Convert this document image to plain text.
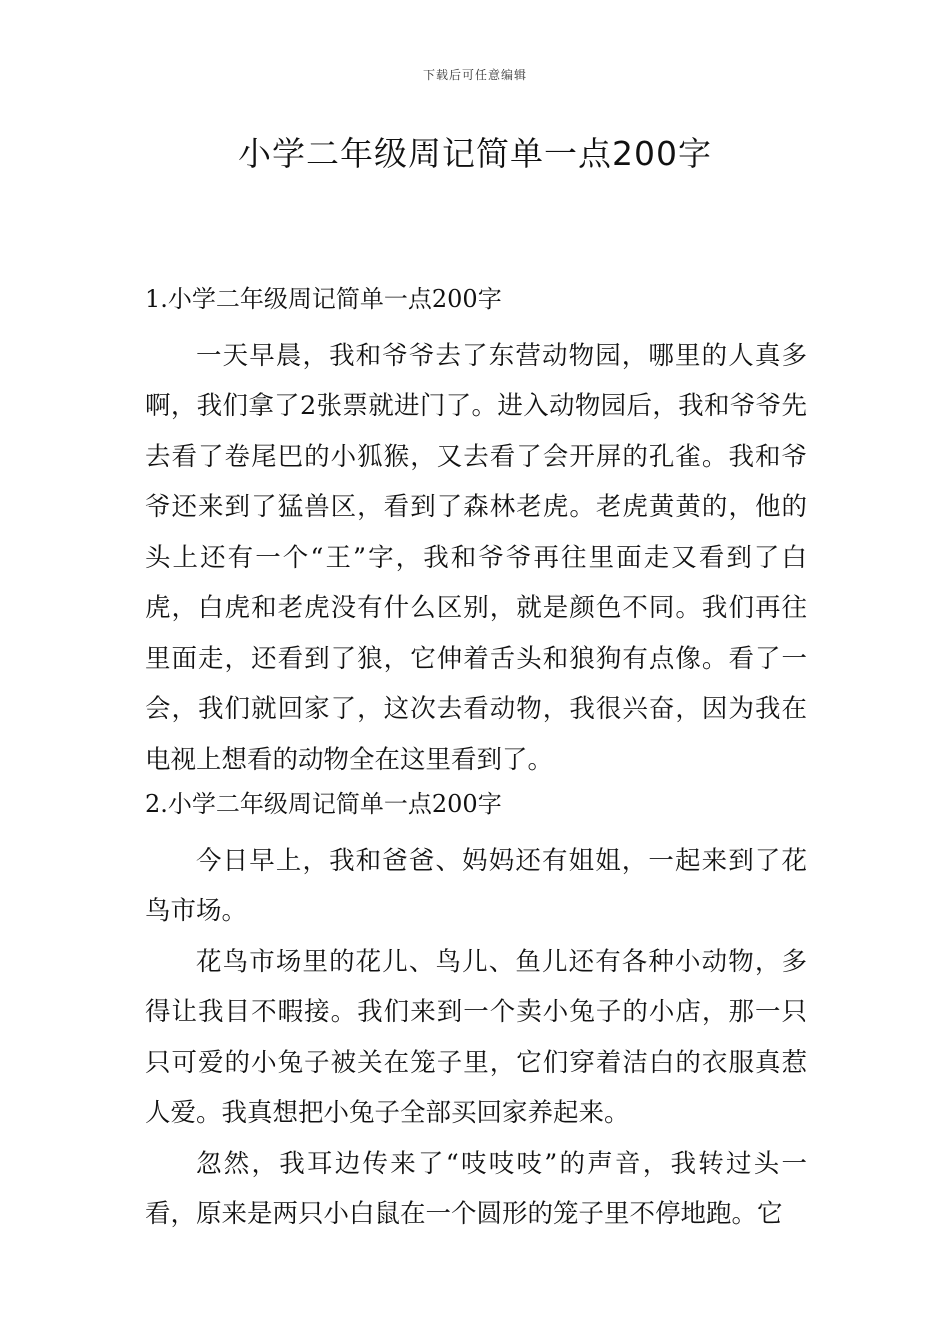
下载后可任意编辑
小学二年级周记简单一点200字
1.小学二年级周记简单一点200字

一天早晨，我和爷爷去了东营动物园，哪里的人真多啊，我们拿了2张票就进门了。进入动物园后，我和爷爷先去看了卷尾巴的小狐猴，又去看了会开屏的孔雀。我和爷爷还来到了猛兽区，看到了森林老虎。老虎黄黄的，他的头上还有一个“王”字，我和爷爷再往里面走又看到了白虎，白虎和老虎没有什么区别，就是颜色不同。我们再往里面走，还看到了狼，它伸着舌头和狼狗有点像。看了一会，我们就回家了，这次去看动物，我很兴奋，因为我在电视上想看的动物全在这里看到了。

2.小学二年级周记简单一点200字

今日早上，我和爸爸、妈妈还有姐姐，一起来到了花鸟市场。

花鸟市场里的花儿、鸟儿、鱼儿还有各种小动物，多得让我目不暇接。我们来到一个卖小兔子的小店，那一只只可爱的小兔子被关在笼子里，它们穿着洁白的衣服真惹人爱。我真想把小兔子全部买回家养起来。

忽然，我耳边传来了“吱吱吱”的声音，我转过头一看，原来是两只小白鼠在一个圆形的笼子里不停地跑。它
